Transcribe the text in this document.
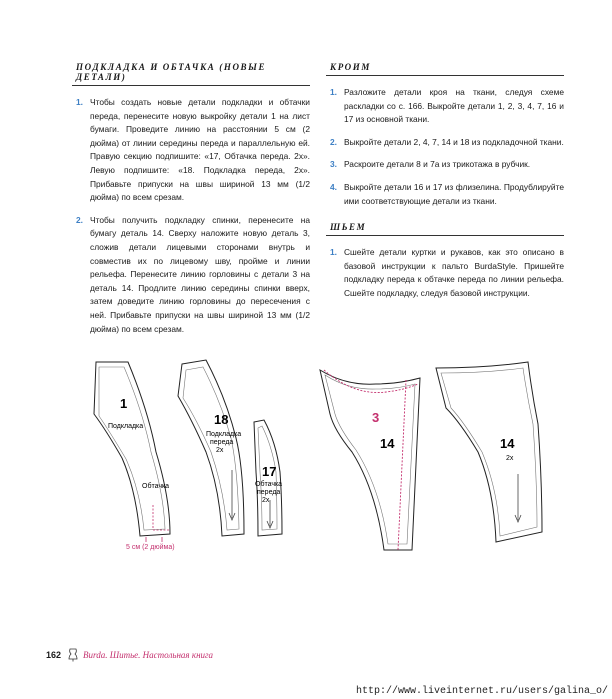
ПОДКЛАДКА И ОБТАЧКА (НОВЫЕ ДЕТАЛИ)
1. Чтобы создать новые детали подкладки и обтачки переда, перенесите новую выкройку детали 1 на лист бумаги. Проведите линию на расстоянии 5 см (2 дюйма) от линии середины переда и параллельную ей. Правую секцию подпишите: «17, Обтачка переда. 2х». Левую подпишите: «18. Подкладка переда, 2х». Прибавьте припуски на швы шириной 13 мм (1/2 дюйма) по всем срезам.
2. Чтобы получить подкладку спинки, перенесите на бумагу деталь 14. Сверху наложите новую деталь 3, сложив детали лицевыми сторонами внутрь и совместив их по лицевому шву, пройме и линии рельефа. Перенесите линию горловины с детали 3 на деталь 14. Продлите линию середины спинки вверх, затем доведите линию горловины до пересечения с ней. Прибавьте припуски на швы шириной 13 мм (1/2 дюйма) по всем срезам.
КРОИМ
1. Разложите детали кроя на ткани, следуя схеме раскладки со с. 166. Выкройте детали 1, 2, 3, 4, 7, 16 и 17 из основной ткани.
2. Выкройте детали 2, 4, 7, 14 и 18 из подкладочной ткани.
3. Раскроите детали 8 и 7а из трикотажа в рубчик.
4. Выкройте детали 16 и 17 из флизелина. Продублируйте ими соответствующие детали из ткани.
ШЬЕМ
1. Сшейте детали куртки и рукавов, как это описано в базовой инструкции к пальто BurdaStyle. Пришейте подкладку переда к обтачке переда по линии рельефа. Сшейте подкладку, следуя базовой инструкции.
1
Подкладка
Обтачка
5 см (2 дюйма)
18
Подкладка
переда
2х
17
Обтачка
переда
2х
3
14	14
2х
162 Burda. Шитье. Настольная книга
http://www.liveinternet.ru/users/galina_o/
